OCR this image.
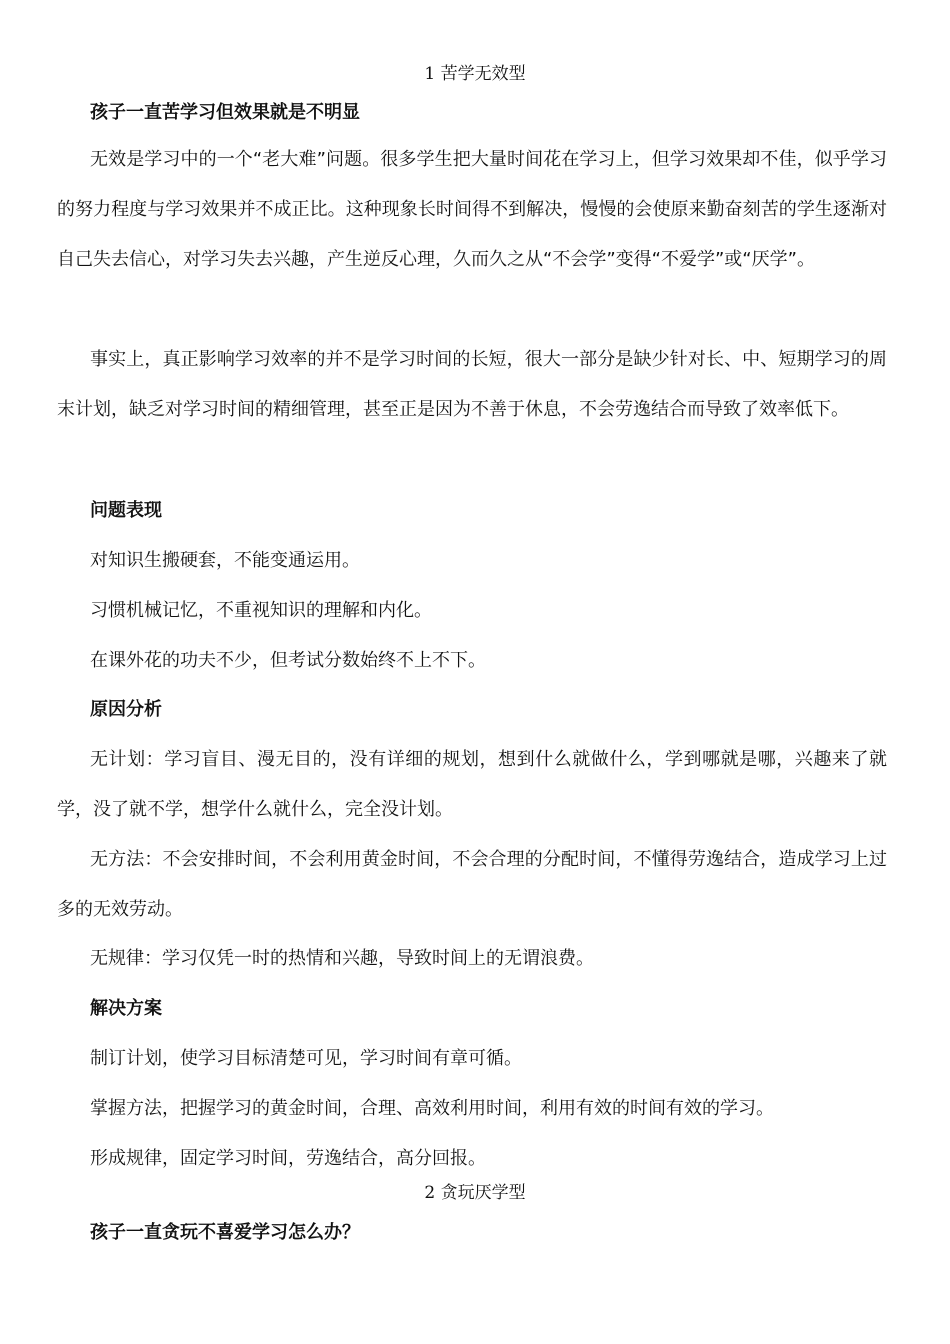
1 苦学无效型
孩子一直苦学习但效果就是不明显
无效是学习中的一个“老大难”问题。很多学生把大量时间花在学习上，但学习效果却不佳，似乎学习的努力程度与学习效果并不成正比。这种现象长时间得不到解决，慢慢的会使原来勤奋刻苦的学生逐渐对自己失去信心，对学习失去兴趣，产生逆反心理，久而久之从“不会学”变得“不爱学”或“厌学”。
事实上，真正影响学习效率的并不是学习时间的长短，很大一部分是缺少针对长、中、短期学习的周末计划，缺乏对学习时间的精细管理，甚至正是因为不善于休息，不会劳逸结合而导致了效率低下。
问题表现
对知识生搬硬套，不能变通运用。
习惯机械记忆，不重视知识的理解和内化。
在课外花的功夫不少，但考试分数始终不上不下。
原因分析
无计划：学习盲目、漫无目的，没有详细的规划，想到什么就做什么，学到哪就是哪，兴趣来了就学，没了就不学，想学什么就什么，完全没计划。
无方法：不会安排时间，不会利用黄金时间，不会合理的分配时间，不懂得劳逸结合，造成学习上过多的无效劳动。
无规律：学习仅凭一时的热情和兴趣，导致时间上的无谓浪费。
解决方案
制订计划，使学习目标清楚可见，学习时间有章可循。
掌握方法，把握学习的黄金时间，合理、高效利用时间，利用有效的时间有效的学习。
形成规律，固定学习时间，劳逸结合，高分回报。
2 贪玩厌学型
孩子一直贪玩不喜爱学习怎么办？
